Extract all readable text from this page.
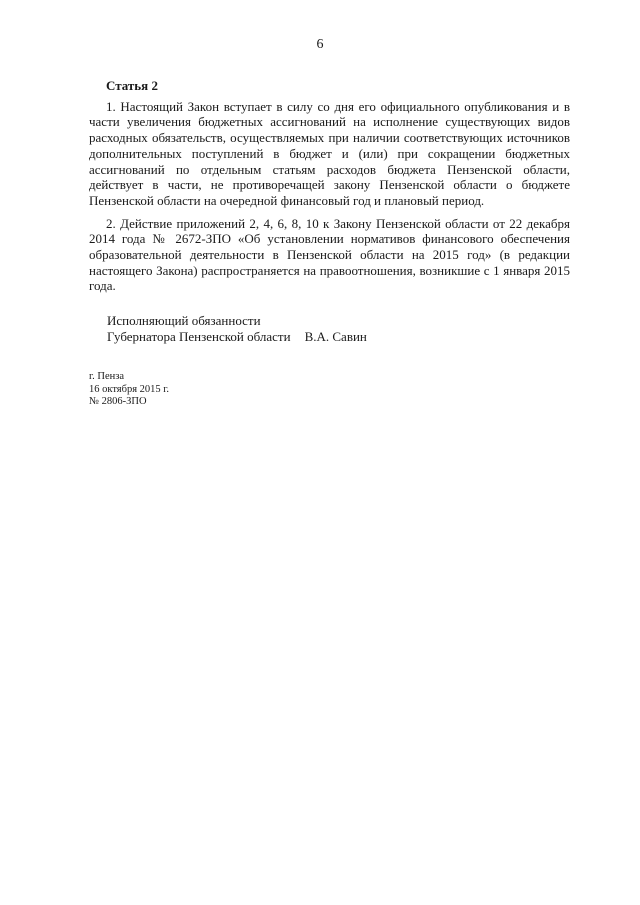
6
Статья 2

1. Настоящий Закон вступает в силу со дня его официального опубликования и в части увеличения бюджетных ассигнований на исполнение существующих видов расходных обязательств, осуществляемых при наличии соответствующих источников дополнительных поступлений в бюджет и (или) при сокращении бюджетных ассигнований по отдельным статьям расходов бюджета Пензенской области, действует в части, не противоречащей закону Пензенской области о бюджете Пензенской области на очередной финансовый год и плановый период.

2. Действие приложений 2, 4, 6, 8, 10 к Закону Пензенской области от 22 декабря 2014 года № 2672-ЗПО «Об установлении нормативов финансового обеспечения образовательной деятельности в Пензенской области на 2015 год» (в редакции настоящего Закона) распространяется на правоотношения, возникшие с 1 января 2015 года.

Исполняющий обязанности
Губернатора Пензенской области В.А. Савин
г. Пенза
16 октября 2015 г.
№ 2806-ЗПО
